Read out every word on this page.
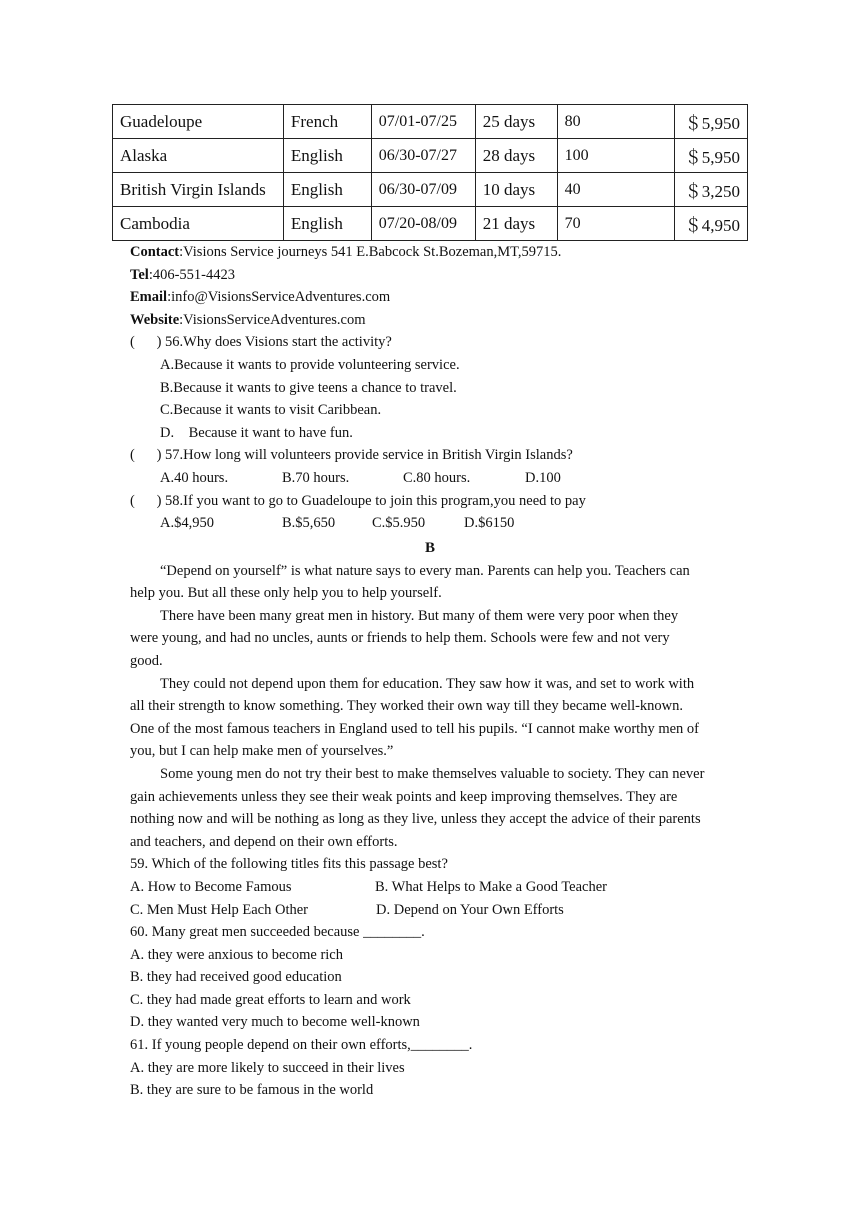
Guadeloupe	French	07/01-07/25	25 days	80	＄5,950
Alaska	English	06/30-07/27	28 days	100	＄5,950
British Virgin Islands	English	06/30-07/09	10 days	40	＄3,250
Cambodia	English	07/20-08/09	21 days	70	＄4,950
Contact:Visions Service journeys 541 E.Babcock St.Bozeman,MT,59715.
Tel:406-551-4423
Email:info@VisionsServiceAdventures.com
Website:VisionsServiceAdventures.com
(      ) 56.Why does Visions start the activity?
A.Because it wants to provide volunteering service.
B.Because it wants to give teens a chance to travel.
C.Because it wants to visit Caribbean.
D.    Because it want to have fun.
(      ) 57.How long will volunteers provide service in British Virgin Islands?
A.40 hours.	B.70 hours.	C.80 hours.	D.100
(      ) 58.If you want to go to Guadeloupe to join this program,you need to pay
A.$4,950	B.$5,650	C.$5.950	D.$6150
B
“Depend on yourself” is what nature says to every man. Parents can help you. Teachers can
help you. But all these only help you to help yourself.
There have been many great men in history. But many of them were very poor when they
were young, and had no uncles, aunts or friends to help them. Schools were few and not very
good.
They could not depend upon them for education. They saw how it was, and set to work with
all their strength to know something. They worked their own way till they became well-known.
One of the most famous teachers in England used to tell his pupils. “I cannot make worthy men of
you, but I can help make men of yourselves.”
Some young men do not try their best to make themselves valuable to society. They can never
gain achievements unless they see their weak points and keep improving themselves. They are
nothing now and will be nothing as long as they live, unless they accept the advice of their parents
and teachers, and depend on their own efforts.
59. Which of the following titles fits this passage best?
A. How to Become Famous	B. What Helps to Make a Good Teacher
C. Men Must Help Each Other	D. Depend on Your Own Efforts
60. Many great men succeeded because ________.
A. they were anxious to become rich
B. they had received good education
C. they had made great efforts to learn and work
D. they wanted very much to become well-known
61. If young people depend on their own efforts,________.
A. they are more likely to succeed in their lives
B. they are sure to be famous in the world
